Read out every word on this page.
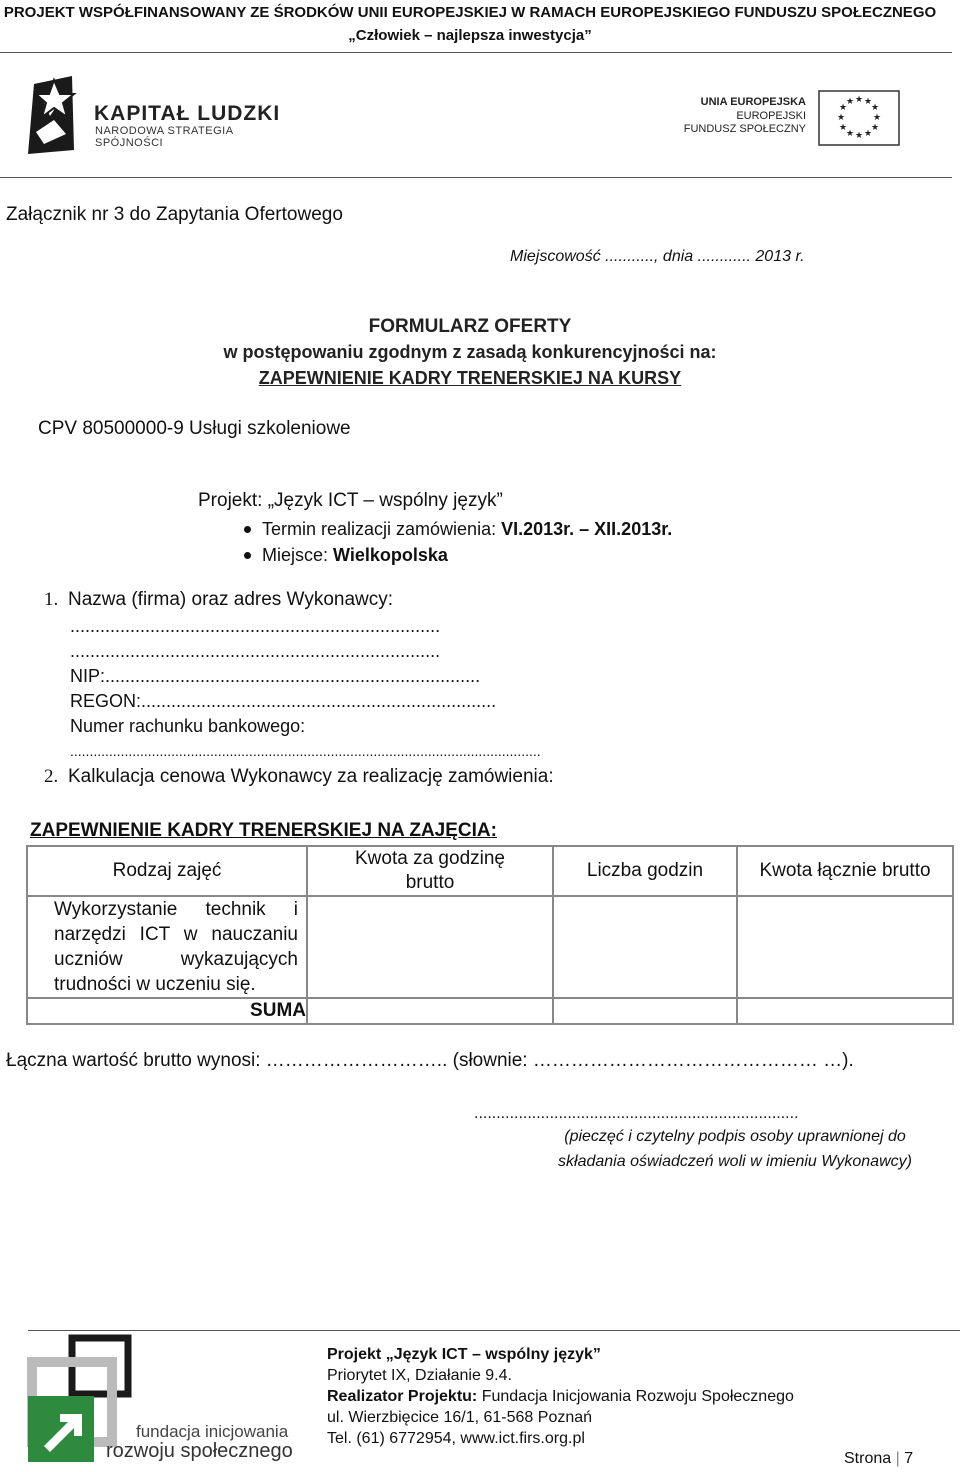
PROJEKT WSPÓŁFINANSOWANY ZE ŚRODKÓW UNII EUROPEJSKIEJ W RAMACH EUROPEJSKIEGO FUNDUSZU SPOŁECZNEGO
„Człowiek – najlepsza inwestycja”
KAPITAŁ LUDZKI
NARODOWA STRATEGIA SPÓJNOŚCI
UNIA EUROPEJSKA
EUROPEJSKI
FUNDUSZ SPOŁECZNY
★ ★
★
★
★
★
★
★
★
★
★
★
Załącznik nr 3 do Zapytania Ofertowego
Miejscowość ..........., dnia ............ 2013 r.
FORMULARZ OFERTY
w postępowaniu zgodnym z zasadą konkurencyjności na:
ZAPEWNIENIE KADRY TRENERSKIEJ NA KURSY
CPV 80500000-9 Usługi szkoleniowe
Projekt: „Język ICT – wspólny język”
Termin realizacji zamówienia: VI.2013r. – XII.2013r.
Miejsce: Wielkopolska
1. Nazwa (firma) oraz adres Wykonawcy:
..........................................................................
..........................................................................
NIP:...........................................................................
REGON:.......................................................................
Numer rachunku bankowego:
.........................................................................................................................
2. Kalkulacja cenowa Wykonawcy za realizację zamówienia:
ZAPEWNIENIE KADRY TRENERSKIEJ NA ZAJĘCIA:
Rodzaj zajęć	Kwota za godzinę brutto	Liczba godzin	Kwota łącznie brutto
Wykorzystanie technik i narzędzi ICT w nauczaniu uczniów wykazujących trudności w uczeniu się.			
SUMA			
Łączna wartość brutto wynosi: ……………………….. (słownie: ……………………………………… …).
.........................................................................
(pieczęć i czytelny podpis osoby uprawnionej do
składania oświadczeń woli w imieniu Wykonawcy)
fundacja inicjowania
rozwoju społecznego
Projekt „Język ICT – wspólny język”
Priorytet IX, Działanie 9.4.
Realizator Projektu: Fundacja Inicjowania Rozwoju Społecznego
ul. Wierzbięcice 16/1, 61-568 Poznań
Tel. (61) 6772954, www.ict.firs.org.pl
Strona | 7
